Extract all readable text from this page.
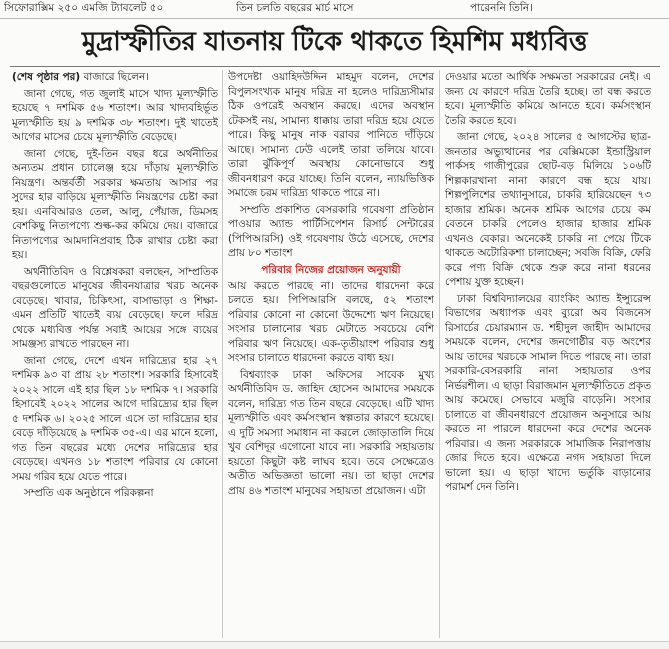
সিফোরাক্সিম ২৫০ এমজি ট্যাবলেট ৫০	তিন চলতি বছরের মার্চ মাসে	পারেননি তিনি।
মুদ্রাস্ফীতির যাতনায় টিকে থাকতে হিমশিম মধ্যবিত্ত

(শেষ পৃষ্ঠার পর) বাজারে ছিলেন।

জানা গেছে, গত জুলাই মাসে খাদ্য মূল্যস্ফীতি হয়েছে ৭ দশমিক ৫৬ শতাংশ। আর খাদ্যবহির্ভূত মূল্যস্ফীতি হয় ৯ দশমিক ৩৮ শতাংশ। দুই খাতেই আগের মাসের চেয়ে মূল্যস্ফীতি বেড়েছে।

জানা গেছে, দুই-তিন বছর ধরে অর্থনীতির অন্যতম প্রধান চ্যালেঞ্জ হয়ে দাঁড়ায় মূল্যস্ফীতি নিয়ন্ত্রণ। অন্তর্বর্তী সরকার ক্ষমতায় আসার পর সুদের হার বাড়িয়ে মূল্যস্ফীতি নিয়ন্ত্রণের চেষ্টা করা হয়। এনবিআরও তেল, আলু, পেঁয়াজ, ডিমসহ বেশকিছু নিত্যপণ্যে শুল্ক-কর কমিয়ে দেয়। বাজারে নিত্যপণ্যের আমদানিপ্রবাহ ঠিক রাখার চেষ্টা করা হয়।

অর্থনীতিবিদ ও বিশ্লেষকরা বলছেন, সাম্প্রতিক বছরগুলোতে মানুষের জীবনযাত্রার খরচ অনেক বেড়েছে। খাবার, চিকিৎসা, বাসাভাড়া ও শিক্ষা-এমন প্রতিটি খাতেই ব্যয় বেড়েছে। ফলে দরিদ্র থেকে মধ্যবিত্ত পর্যন্ত সবাই আয়ের সঙ্গে ব্যয়ের সামঞ্জস্য রাখতে পারছেন না।

জানা গেছে, দেশে এখন দারিদ্র্যের হার ২৭ দশমিক ৯৩ বা প্রায় ২৮ শতাংশ। সরকারি হিসাবেই ২০২২ সালে এই হার ছিল ১৮ দশমিক ৭। সরকারি হিসাবেই ২০২২ সালের আগে দারিদ্র্যের হার ছিল ৫ দশমিক ৬। ২০২৫ সালে এসে তা দারিদ্র্যের হার বেড়ে দাঁড়িয়েছে ৯ দশমিক ৩৫-এ। এর মানে হলো, গত তিন বছরের মধ্যে দেশের দারিদ্র্যের হার বেড়েছে। এখনও ১৮ শতাংশ পরিবার যে কোনো সময় গরিব হয়ে যেতে পারে।

সম্প্রতি এক অনুষ্ঠানে পরিকল্পনা

উপদেষ্টা ওয়াহিদউদ্দিন মাহমুদ বলেন, দেশের বিপুলসংখ্যক মানুষ দরিদ্র না হলেও দারিদ্র্যসীমার ঠিক ওপরেই অবস্থান করছে। এদের অবস্থান টেকসই নয়, সামান্য ধাক্কায় তারা দরিদ্র হয়ে যেতে পারে। কিছু মানুষ নাক বরাবর পানিতে দাঁড়িয়ে আছে। সামান্য ঢেউ এলেই তারা তলিয়ে যাবে। তারা ঝুঁকিপূর্ণ অবস্থায় কোনোভাবে শুধু জীবনধারণ করে যাচ্ছে। তিনি বলেন, ন্যায়ভিত্তিক সমাজে চরম দারিদ্র্য থাকতে পারে না।

সম্প্রতি প্রকাশিত বেসরকারি গবেষণা প্রতিষ্ঠান পাওয়ার অ্যান্ড পার্টিসিপেশন রিসার্চ সেন্টারের (পিপিআরসি) ওই গবেষণায় উঠে এসেছে, দেশের প্রায় ৮০ শতাংশ

পরিবার নিজের প্রয়োজন অনুযায়ী

আয় করতে পারছে না। তাদের ধারদেনা করে চলতে হয়। পিপিআরসি বলছে, ৫২ শতাংশ পরিবার কোনো না কোনো উদ্দেশ্যে ঋণ নিয়েছে। সংসার চালানোর খরচ মেটাতে সবচেয়ে বেশি পরিবার ঋণ নিয়েছে। এক-তৃতীয়াংশ পরিবার শুধু সংসার চালাতে ধারদেনা করতে বাধ্য হয়।

বিশ্বব্যাংক ঢাকা অফিসের সাবেক মুখ্য অর্থনীতিবিদ ড. জাহিদ হোসেন আমাদের সময়কে বলেন, দারিদ্র্য গত তিন বছরে বেড়েছে। এটি খাদ্য মূল্যস্ফীতি এবং কর্মসংস্থান স্বল্পতার কারণে হয়েছে। এ দুটি সমস্যা সমাধান না করলে জোড়াতালি দিয়ে খুব বেশিদূর এগোনো যাবে না। সরকারি সহায়তায় হয়তো কিছুটা কষ্ট লাঘব হবে। তবে সেক্ষেত্রেও অতীত অভিজ্ঞতা ভালো নয়। তা ছাড়া দেশের প্রায় ৪৬ শতাংশ মানুষের সহায়তা প্রয়োজন। এটা

দেওয়ার মতো আর্থিক সক্ষমতা সরকারের নেই। এ জন্য যে কারণে দরিদ্র তৈরি হচ্ছে। তা বন্ধ করতে হবে। মূল্যস্ফীতি কমিয়ে আনতে হবে। কর্মসংস্থান তৈরি করতে হবে।

জানা গেছে, ২০২৪ সালের ৫ আগস্টের ছাত্র-জনতার অভ্যুত্থানের পর বেক্সিমকো ইন্ডাস্ট্রিয়াল পার্কসহ গাজীপুরের ছোট-বড় মিলিয়ে ১০৬টি শিল্পকারখানা নানা কারণে বন্ধ হয়ে যায়। শিল্পপুলিশের তথ্যানুসারে, চাকরি হারিয়েছেন ৭৩ হাজার শ্রমিক। অনেক শ্রমিক আগের চেয়ে কম বেতনে চাকরি পেলেও হাজার হাজার শ্রমিক এখনও বেকার। অনেকেই চাকরি না পেয়ে টিকে থাকতে অটোরিকশা চালাচ্ছেন; সবজি বিক্রি, ফেরি করে পণ্য বিক্রি থেকে শুরু করে নানা ধরনের পেশায় যুক্ত হচ্ছেন।

ঢাকা বিশ্ববিদ্যালয়ের ব্যাংকিং অ্যান্ড ইন্স্যুরেন্স বিভাগের অধ্যাপক এবং ব্যুরো অব বিজনেস রিসার্চের চেয়ারম্যান ড. শহীদুল জাহীদ আমাদের সময়কে বলেন, দেশের জনগোষ্ঠীর বড় অংশের আয় তাদের খরচকে সামাল দিতে পারছে না। তারা সরকারি-বেসরকারি নানা সহায়তার ওপর নির্ভরশীল। এ ছাড়া বিরাজমান মূল্যস্ফীতিতে প্রকৃত আয় কমেছে। সেভাবে মজুরি বাড়েনি। সংসার চালাতে বা জীবনধারণে প্রয়োজন অনুসারে আয় করতে না পারলে ধারদেনা করে দেশের অনেক পরিবার। এ জন্য সরকারকে সামাজিক নিরাপত্তায় জোর দিতে হবে। এক্ষেত্রে নগদ সহায়তা দিলে ভালো হয়। এ ছাড়া খাদ্যে ভর্তুকি বাড়ানোর পরামর্শ দেন তিনি।
